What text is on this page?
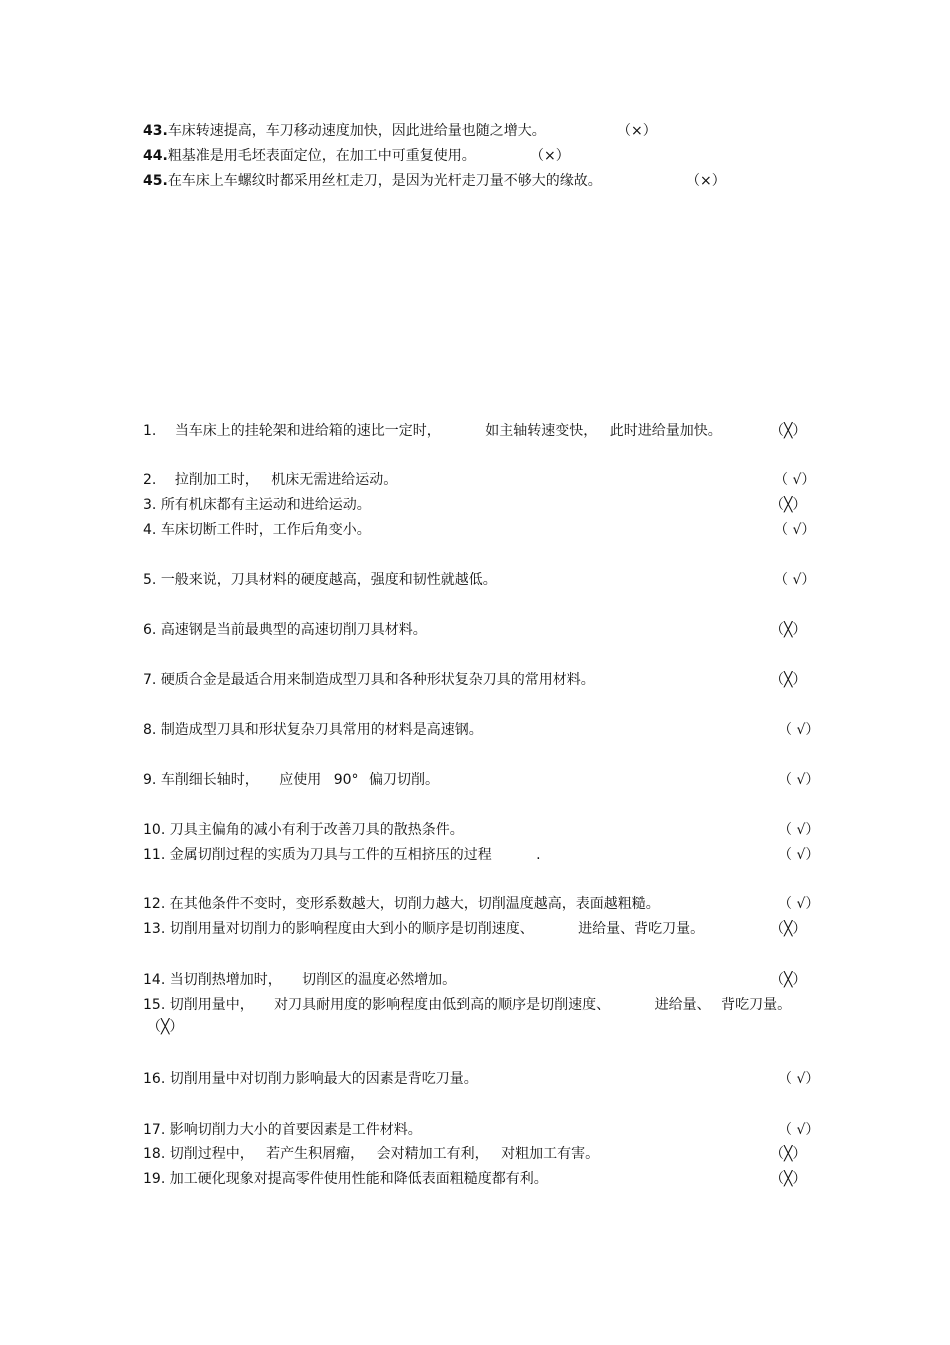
43.车床转速提高，车刀移动速度加快，因此进给量也随之增大。	（×）
44.粗基准是用毛坯表面定位，在加工中可重复使用。	（×）
45.在车床上车螺纹时都采用丝杠走刀，是因为光杆走刀量不够大的缘故。	（×）
1. 当车床上的挂轮架和进给箱的速比一定时，	如主轴转速变快， 此时进给量加快。	（╳）
2. 拉削加工时， 机床无需进给运动。	（ √）
3. 所有机床都有主运动和进给运动。	（╳）
4. 车床切断工件时，工作后角变小。	（ √）
5. 一般来说，刀具材料的硬度越高，强度和韧性就越低。	（ √）
6. 高速钢是当前最典型的高速切削刀具材料。	（╳）
7. 硬质合金是最适合用来制造成型刀具和各种形状复杂刀具的常用材料。	（╳）
8. 制造成型刀具和形状复杂刀具常用的材料是高速钢。	（ √）
9. 车削细长轴时， 应使用 90° 偏刀切削。	（ √）
10. 刀具主偏角的减小有利于改善刀具的散热条件。	（ √）
11. 金属切削过程的实质为刀具与工件的互相挤压的过程	.	（ √）
12. 在其他条件不变时，变形系数越大，切削力越大，切削温度越高，表面越粗糙。	（ √）
13. 切削用量对切削力的影响程度由大到小的顺序是切削速度、	进给量、背吃刀量。	（╳）
14. 当切削热增加时， 切削区的温度必然增加。	（╳）
15. 切削用量中， 对刀具耐用度的影响程度由低到高的顺序是切削速度、	进给量、 背吃刀量。
（╳）
16. 切削用量中对切削力影响最大的因素是背吃刀量。	（ √）
17. 影响切削力大小的首要因素是工件材料。	（ √）
18. 切削过程中， 若产生积屑瘤， 会对精加工有利， 对粗加工有害。	（╳）
19. 加工硬化现象对提高零件使用性能和降低表面粗糙度都有利。	（╳）
